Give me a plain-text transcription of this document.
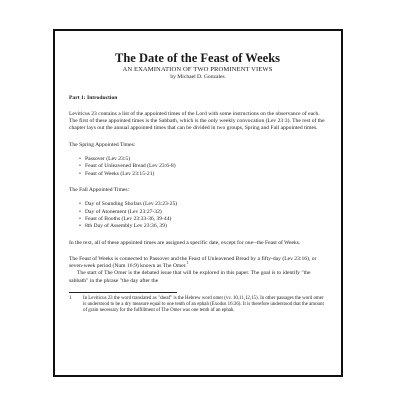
The Date of the Feast of Weeks
AN EXAMINATION OF TWO PROMINENT VIEWS
by Michael D. Gonzales
Part 1: Introduction

Leviticus 23 contains a list of the appointed times of the Lord with some instructions on the observance of each. The first of these appointed times is the Sabbath, which is the only weekly convocation (Lev 23:3). The rest of the chapter lays out the annual appointed times that can be divided in two groups, Spring and Fall appointed times.

The Spring Appointed Times:

• Passover (Lev 23:5)
• Feast of Unleavened Bread (Lev 23:6-8)
• Feast of Weeks (Lev 23:15-21)

The Fall Appointed Times:

• Day of Sounding Shofars (Lev 23:23-25)
• Day of Atonement (Lev 23:27-32)
• Feast of Booths (Lev 23:33-36, 39-44)
• 8th Day of Assembly Lev 23:36, 39)

In the text, all of these appointed times are assigned a specific date, except for one--the Feast of Weeks.

The Feast of Weeks is connected to Passover and the Feast of Unleavened Bread by a fifty-day (Lev 23:16), or seven-week period (Num 16:9) known as The Omer.$^1$

The start of The Omer is the debated issue that will be explored in this paper. The goal is to identify "the sabbath" in the phrase "the day after the

1	In Leviticus 23 the word translated as "sheaf" is the Hebrew word omer (vv. 10,11,12,15). In other passages the word omer is understood to be a dry measure equal to one tenth of an ephah (Exodus 16:36). It is therefore understood that the amount of grain necessary for the fulfillment of The Omer was one tenth of an ephah.
